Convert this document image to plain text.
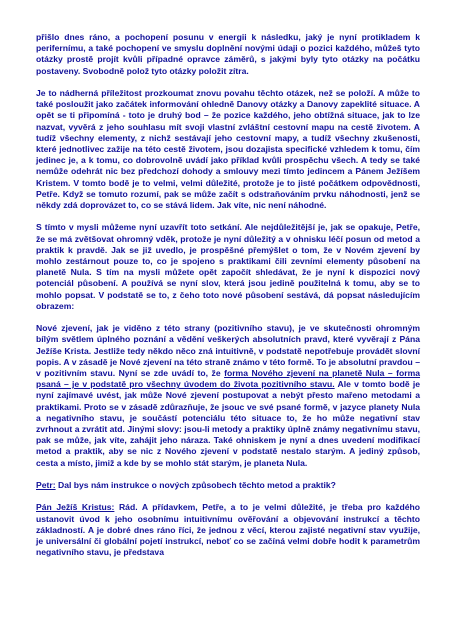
přišlo dnes ráno, a pochopení posunu v energii k následku, jaký je nyní protikladem k perifernímu, a také pochopení ve smyslu doplnění novými údaji o pozici každého, můžeš tyto otázky prostě projít kvůli případné opravce záměrů, s jakými byly tyto otázky na počátku postaveny. Svobodně polož tyto otázky položit zítra.

Je to nádherná příležitost prozkoumat znovu povahu těchto otázek, než se položí. A může to také posloužit jako začátek informování ohledně Danovy otázky a Danovy zapeklité situace. A opět se ti připomíná - toto je druhý bod – že pozice každého, jeho obtížná situace, jak to lze nazvat, vyvěrá z jeho souhlasu mít svoji vlastní zvláštní cestovní mapu na cestě životem. A tudíž všechny elementy, z nichž sestávají jeho cestovní mapy, a tudíž všechny zkušenosti, které jednotlivec zažije na této cestě životem, jsou dozajista specifické vzhledem k tomu, čím jedinec je, a k tomu, co dobrovolně uvádí jako příklad kvůli prospěchu všech. A tedy se také nemůže odehrát nic bez předchozí dohody a smlouvy mezi tímto jedincem a Pánem Ježíšem Kristem. V tomto bodě je to velmi, velmi důležité, protože je to jisté počátkem odpovědnosti, Petře. Když se tomuto rozumí, pak se může začít s odstraňováním prvku náhodnosti, jenž se někdy zdá doprovázet to, co se stává lidem. Jak víte, nic není náhodné.

S tímto v mysli můžeme nyní uzavřít toto setkání. Ale nejdůležitější je, jak se opakuje, Petře, že se má zvětšovat ohromný vděk, protože je nyní důležitý a v ohnisku léčí posun od metod a praktik k pravdě. Jak se již uvedlo, je prospěšné přemýšlet o tom, že v Novém zjevení by mohlo zestárnout pouze to, co je spojeno s praktikami čili zevními elementy působení na planetě Nula. S tím na mysli můžete opět započít shledávat, že je nyní k dispozici nový potenciál působení. A používá se nyní slov, která jsou jedině použitelná k tomu, aby se to mohlo popsat. V podstatě se to, z čeho toto nové působení sestává, dá popsat následujícím obrazem:

Nové zjevení, jak je viděno z této strany (pozitivního stavu), je ve skutečnosti ohromným bílým světlem úplného poznání a vědění veškerých absolutních pravd, které vyvěrají z Pána Ježíše Krista. Jestliže tedy někdo něco zná intuitivně, v podstatě nepotřebuje provádět slovní popis. A v zásadě je Nové zjevení na této straně známo v této formě. To je absolutní pravdou – v pozitivním stavu. Nyní se zde uvádí to, že forma Nového zjevení na planetě Nula – forma psaná – je v podstatě pro všechny úvodem do života pozitivního stavu. Ale v tomto bodě je nyní zajímavé uvést, jak může Nové zjevení postupovat a nebýt přesto mařeno metodami a praktikami. Proto se v zásadě zdůrazňuje, že jsouc ve své psané formě, v jazyce planety Nula a negativního stavu, je součástí potenciálu této situace to, že ho může negativní stav zvrhnout a zvrátit atd. Jinými slovy: jsou-li metody a praktiky úplně známy negativnímu stavu, pak se může, jak víte, zahájit jeho náraza. Také ohniskem je nyní a dnes uvedení modifikací metod a praktik, aby se nic z Nového zjevení v podstatě nestalo starým. A jediný způsob, cesta a místo, jimiž a kde by se mohlo stát starým, je planeta Nula.

Petr: Dal bys nám instrukce o nových způsobech těchto metod a praktik?

Pán Ježíš Kristus: Rád. A přídavkem, Petře, a to je velmi důležité, je třeba pro každého ustanovit úvod k jeho osobnímu intuitivnímu ověřování a objevování instrukcí a těchto základností. A je dobré dnes ráno říci, že jednou z věcí, kterou zajisté negativní stav využije, je universální či globální pojetí instrukcí, neboť co se začíná velmi dobře hodit k parametrům negativního stavu, je představa
